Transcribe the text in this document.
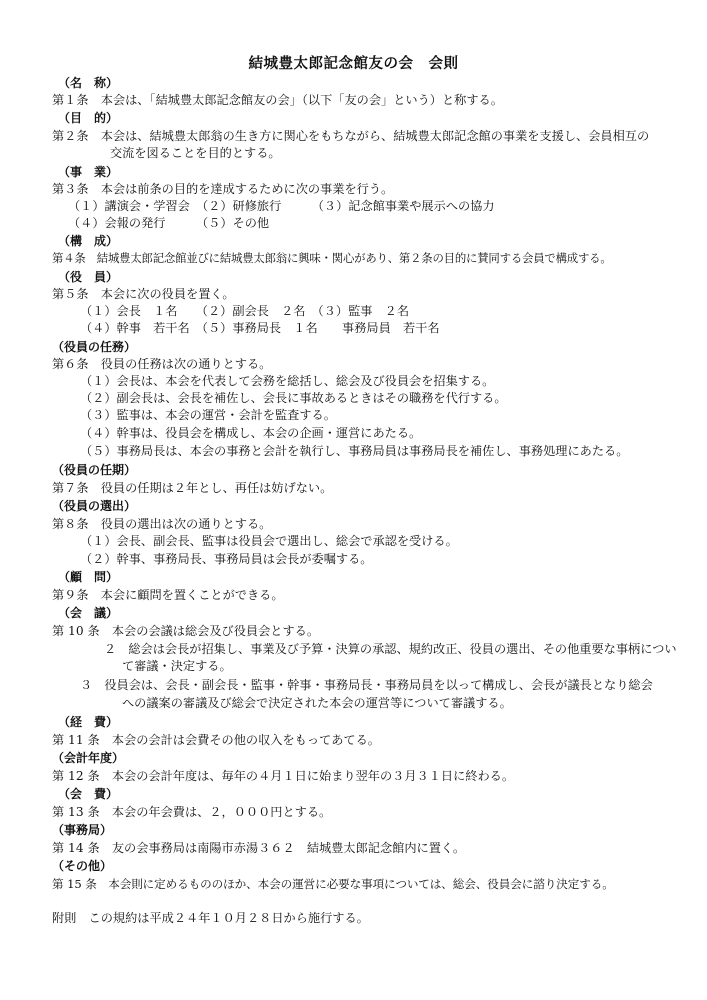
結城豊太郎記念館友の会　会則
（名　称）
第１条　本会は、「結城豊太郎記念館友の会」（以下「友の会」という）と称する。
（目　的）
第２条　本会は、結城豊太郎翁の生き方に関心をもちながら、結城豊太郎記念館の事業を支援し、会員相互の
交流を図ることを目的とする。
（事　業）
第３条　本会は前条の目的を達成するために次の事業を行う。
（１）講演会・学習会　（２）研修旅行　　　（３）記念館事業や展示への協力
（４）会報の発行　　　（５）その他
（構　成）
第４条　結城豊太郎記念館並びに結城豊太郎翁に興味・関心があり、第２条の目的に賛同する会員で構成する。
（役　員）
第５条　本会に次の役員を置く。
（１）会長　１名　　（２）副会長　２名　（３）監事　２名
（４）幹事　若干名　（５）事務局長　１名　　事務局員　若干名
（役員の任務）
第６条　役員の任務は次の通りとする。
（１）会長は、本会を代表して会務を総括し、総会及び役員会を招集する。
（２）副会長は、会長を補佐し、会長に事故あるときはその職務を代行する。
（３）監事は、本会の運営・会計を監査する。
（４）幹事は、役員会を構成し、本会の企画・運営にあたる。
（５）事務局長は、本会の事務と会計を執行し、事務局員は事務局長を補佐し、事務処理にあたる。
（役員の任期）
第７条　役員の任期は２年とし、再任は妨げない。
（役員の選出）
第８条　役員の選出は次の通りとする。
（１）会長、副会長、監事は役員会で選出し、総会で承認を受ける。
（２）幹事、事務局長、事務局員は会長が委嘱する。
（顧　問）
第９条　本会に顧問を置くことができる。
（会　議）
第 10 条　本会の会議は総会及び役員会とする。
２　総会は会長が招集し、事業及び予算・決算の承認、規約改正、役員の選出、その他重要な事柄につい
て審議・決定する。
３　役員会は、会長・副会長・監事・幹事・事務局長・事務局員を以って構成し、会長が議長となり総会
への議案の審議及び総会で決定された本会の運営等について審議する。
（経　費）
第 11 条　本会の会計は会費その他の収入をもってあてる。
（会計年度）
第 12 条　本会の会計年度は、毎年の４月１日に始まり翌年の３月３１日に終わる。
（会　費）
第 13 条　本会の年会費は、２，０００円とする。
（事務局）
第 14 条　友の会事務局は南陽市赤湯３６２　結城豊太郎記念館内に置く。
（その他）
第 15 条　本会則に定めるもののほか、本会の運営に必要な事項については、総会、役員会に諮り決定する。
附則　この規約は平成２４年１０月２８日から施行する。
